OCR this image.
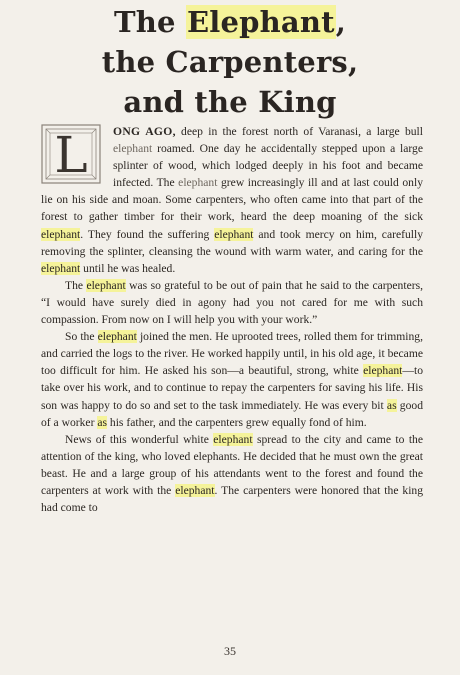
The Elephant,
the Carpenters,
and the King

L	ONG AGO, deep in the forest north of Varanasi, a large bull elephant roamed. One day he accidentally stepped upon a large splinter of wood, which lodged deeply in his foot and became infected. The elephant grew increasingly ill and at last could only lie on his side and moan. Some carpenters, who often came into that part of the forest to gather timber for their work, heard the deep moaning of the sick elephant. They found the suffering elephant and took mercy on him, carefully removing the splinter, cleansing the wound with warm water, and caring for the elephant until he was healed.

The elephant was so grateful to be out of pain that he said to the carpenters, “I would have surely died in agony had you not cared for me with such compassion. From now on I will help you with your work.”

So the elephant joined the men. He uprooted trees, rolled them for trimming, and carried the logs to the river. He worked happily until, in his old age, it became too difficult for him. He asked his son—a beautiful, strong, white elephant—to take over his work, and to continue to repay the carpenters for saving his life. His son was happy to do so and set to the task immediately. He was every bit as good of a worker as his father, and the carpenters grew equally fond of him.

News of this wonderful white elephant spread to the city and came to the attention of the king, who loved elephants. He decided that he must own the great beast. He and a large group of his attendants went to the forest and found the carpenters at work with the elephant. The carpenters were honored that the king had come to

35
